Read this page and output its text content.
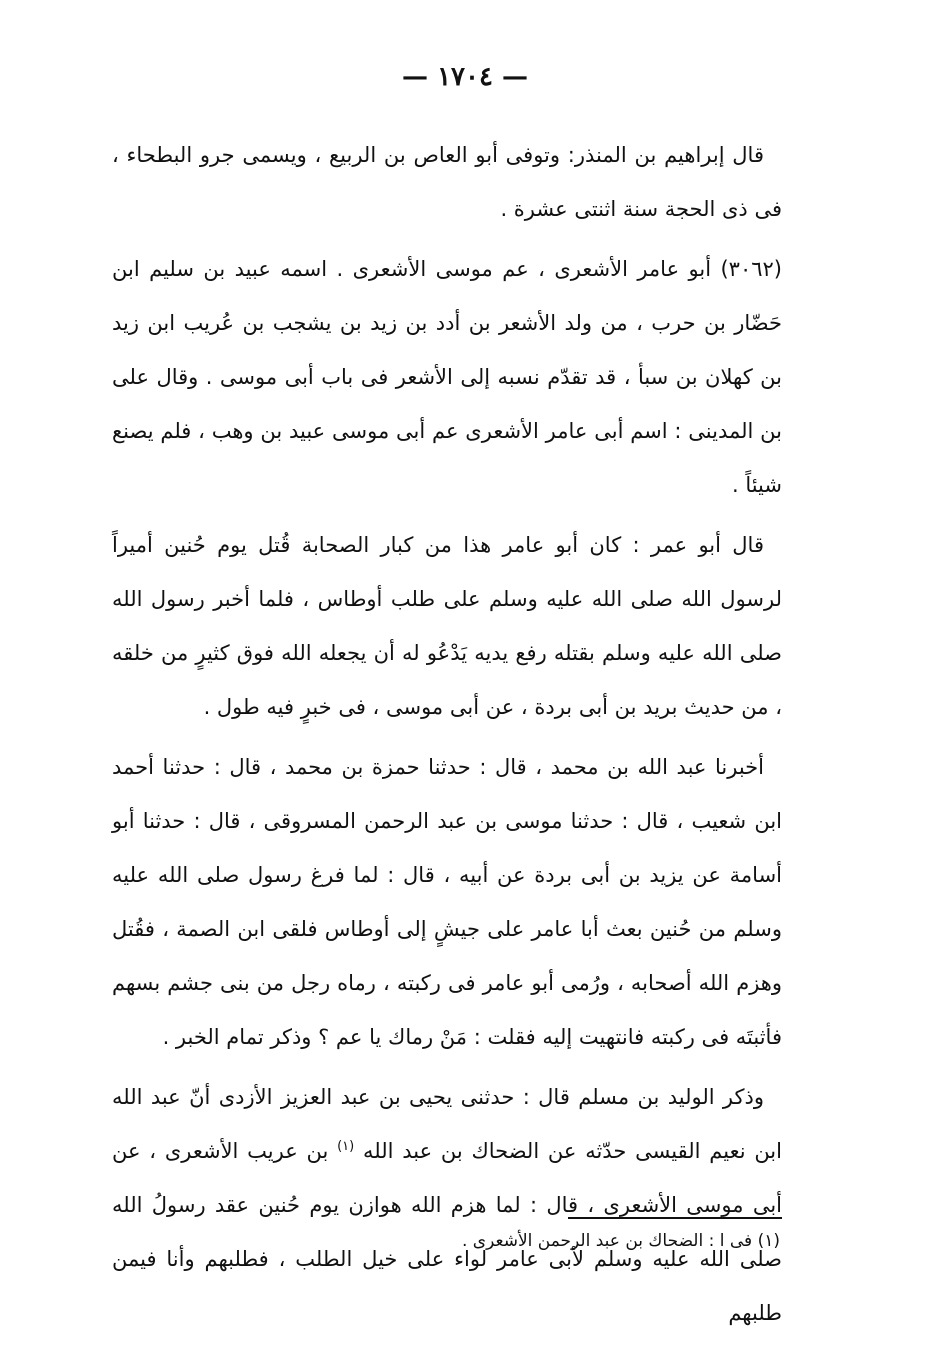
— ١٧٠٤ —

قال إبراهيم بن المنذر: وتوفى أبو العاص بن الربيع ، ويسمى جرو البطحاء ، فى ذى الحجة سنة اثنتى عشرة .

(٣٠٦٢) أبو عامر الأشعرى ، عم موسى الأشعرى . اسمه عبيد بن سليم ابن حَضّار بن حرب ، من ولد الأشعر بن أدد بن زيد بن يشجب بن عُريب ابن زيد بن كهلان بن سبأ ، قد تقدّم نسبه إلى الأشعر فى باب أبى موسى . وقال على بن المدينى : اسم أبى عامر الأشعرى عم أبى موسى عبيد بن وهب ، فلم يصنع شيئاً .

قال أبو عمر : كان أبو عامر هذا من كبار الصحابة قُتل يوم حُنين أميراً لرسول الله صلى الله عليه وسلم على طلب أوطاس ، فلما أخبر رسول الله صلى الله عليه وسلم بقتله رفع يديه يَدْعُو له أن يجعله الله فوق كثيرٍ من خلقه ، من حديث بريد بن أبى بردة ، عن أبى موسى ، فى خبرٍ فيه طول .

أخبرنا عبد الله بن محمد ، قال : حدثنا حمزة بن محمد ، قال : حدثنا أحمد ابن شعيب ، قال : حدثنا موسى بن عبد الرحمن المسروقى ، قال : حدثنا أبو أسامة عن يزيد بن أبى بردة عن أبيه ، قال : لما فرغ رسول صلى الله عليه وسلم من حُنين بعث أبا عامر على جيشٍ إلى أوطاس فلقى ابن الصمة ، فقُتل وهزم الله أصحابه ، ورُمى أبو عامر فى ركبته ، رماه رجل من بنى جشم بسهم فأثبتَه فى ركبته فانتهيت إليه فقلت : مَنْ رماك يا عم ؟ وذكر تمام الخبر .

وذكر الوليد بن مسلم قال : حدثنى يحيى بن عبد العزيز الأزدى أنّ عبد الله ابن نعيم القيسى حدّثه عن الضحاك بن عبد الله $^{(١)}$ بن عريب الأشعرى ، عن أبى موسى الأشعرى ، قال : لما هزم الله هوازن يوم حُنين عقد رسولُ الله صلى الله عليه وسلم لأبى عامر لواء على خيل الطلب ، فطلبهم وأنا فيمن طلبهم

(١) فى ا : الضحاك بن عبد الرحمن الأشعرى .
